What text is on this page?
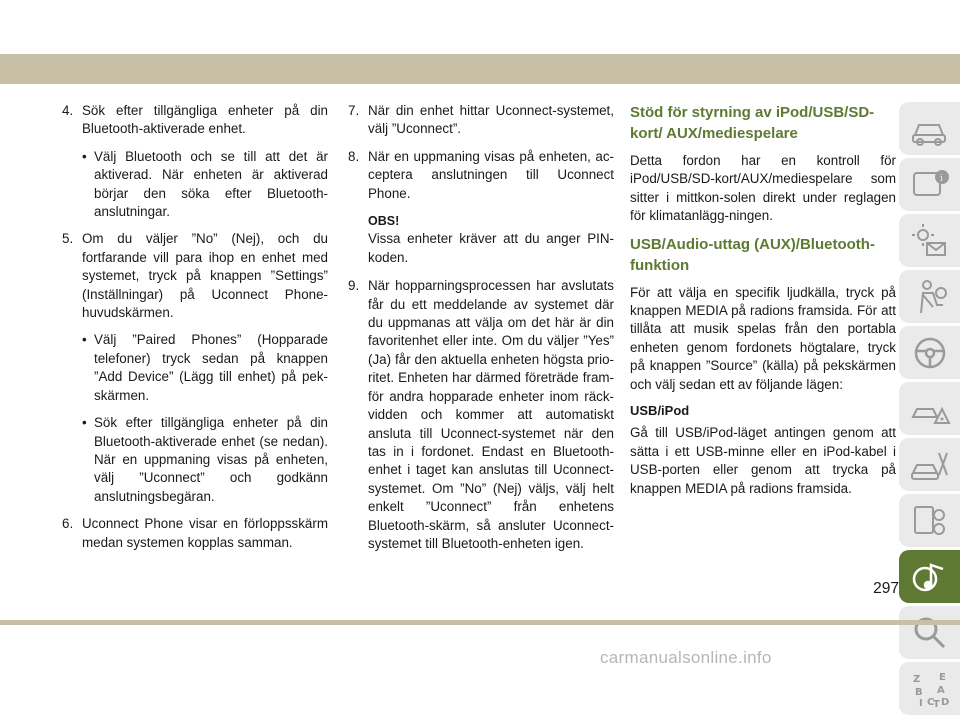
4. Sök efter tillgängliga enheter på din Bluetooth-aktiverade enhet.
• Välj Bluetooth och se till att det är aktiverad. När enheten är aktiverad börjar den söka efter Bluetooth-anslutningar.
5. Om du väljer ”No” (Nej), och du fortfarande vill para ihop en enhet med systemet, tryck på knappen ”Settings” (Inställningar) på Uconnect Phone-huvudskärmen.
• Välj ”Paired Phones” (Hopparade telefoner) tryck sedan på knappen ”Add Device” (Lägg till enhet) på pek-skärmen.
• Sök efter tillgängliga enheter på din Bluetooth-aktiverade enhet (se nedan). När en uppmaning visas på enheten, välj ”Uconnect” och godkänn anslutningsbegäran.
6. Uconnect Phone visar en förloppsskärm medan systemen kopplas samman.
7. När din enhet hittar Uconnect-systemet, välj ”Uconnect”.
8. När en uppmaning visas på enheten, ac-ceptera anslutningen till Uconnect Phone.
OBS!
Vissa enheter kräver att du anger PIN-koden.
9. När hopparningsprocessen har avslutats får du ett meddelande av systemet där du uppmanas att välja om det här är din favoritenhet eller inte. Om du väljer ”Yes” (Ja) får den aktuella enheten högsta prio-ritet. Enheten har därmed företräde fram-för andra hopparade enheter inom räck-vidden och kommer att automatiskt ansluta till Uconnect-systemet när den tas in i fordonet. Endast en Bluetooth-enhet i taget kan anslutas till Uconnect-systemet. Om ”No” (Nej) väljs, välj helt enkelt ”Uconnect” från enhetens Bluetooth-skärm, så ansluter Uconnect-systemet till Bluetooth-enheten igen.
Stöd för styrning av iPod/USB/SD-kort/ AUX/mediespelare
Detta fordon har en kontroll för iPod/USB/SD-kort/AUX/mediespelare som sitter i mittkon-solen direkt under reglagen för klimatanlägg-ningen.
USB/Audio-uttag (AUX)/Bluetooth-funktion
För att välja en specifik ljudkälla, tryck på knappen MEDIA på radions framsida. För att tillåta att musik spelas från den portabla enheten genom fordonets högtalare, tryck på knappen ”Source” (källa) på pekskärmen och välj sedan ett av följande lägen:
USB/iPod
Gå till USB/iPod-läget antingen genom att sätta i ett USB-minne eller en iPod-kabel i USB-porten eller genom att trycka på knappen MEDIA på radions framsida.
i
Z E
B A
I C
T D
297
carmanualsonline.info
